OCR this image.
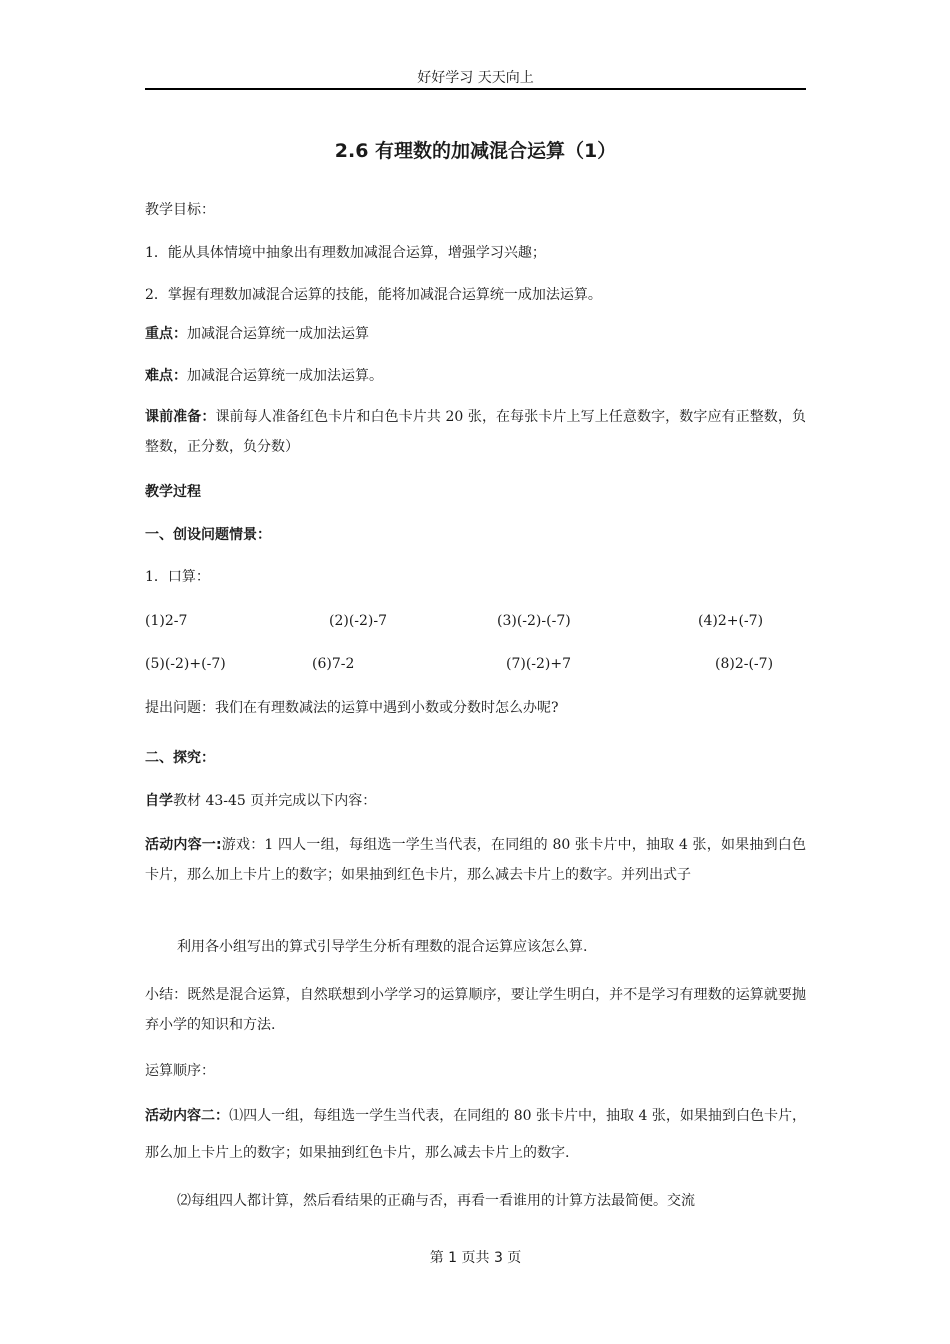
好好学习 天天向上
2.6 有理数的加减混合运算（1）
教学目标：
1．能从具体情境中抽象出有理数加减混合运算，增强学习兴趣；
2．掌握有理数加减混合运算的技能，能将加减混合运算统一成加法运算。
重点：加减混合运算统一成加法运算
难点：加减混合运算统一成加法运算。
课前准备：课前每人准备红色卡片和白色卡片共 20 张，在每张卡片上写上任意数字，数字应有正整数，负整数，正分数，负分数）
教学过程
一、创设问题情景：
1．口算：
(1)2-7	(2)(-2)-7	(3)(-2)-(-7)	(4)2+(-7)
(5)(-2)+(-7)	(6)7-2	(7)(-2)+7	(8)2-(-7)
提出问题：我们在有理数减法的运算中遇到小数或分数时怎么办呢?
二、探究：
自学教材 43-45 页并完成以下内容：
活动内容一:游戏：1 四人一组，每组选一学生当代表，在同组的 80 张卡片中，抽取 4 张，如果抽到白色卡片，那么加上卡片上的数字；如果抽到红色卡片，那么减去卡片上的数字。并列出式子
利用各小组写出的算式引导学生分析有理数的混合运算应该怎么算.
小结：既然是混合运算，自然联想到小学学习的运算顺序，要让学生明白，并不是学习有理数的运算就要抛弃小学的知识和方法.
运算顺序：
活动内容二：⑴四人一组，每组选一学生当代表，在同组的 80 张卡片中，抽取 4 张，如果抽到白色卡片，那么加上卡片上的数字；如果抽到红色卡片，那么减去卡片上的数字.
⑵每组四人都计算，然后看结果的正确与否，再看一看谁用的计算方法最简便。交流
第 1 页共 3 页
